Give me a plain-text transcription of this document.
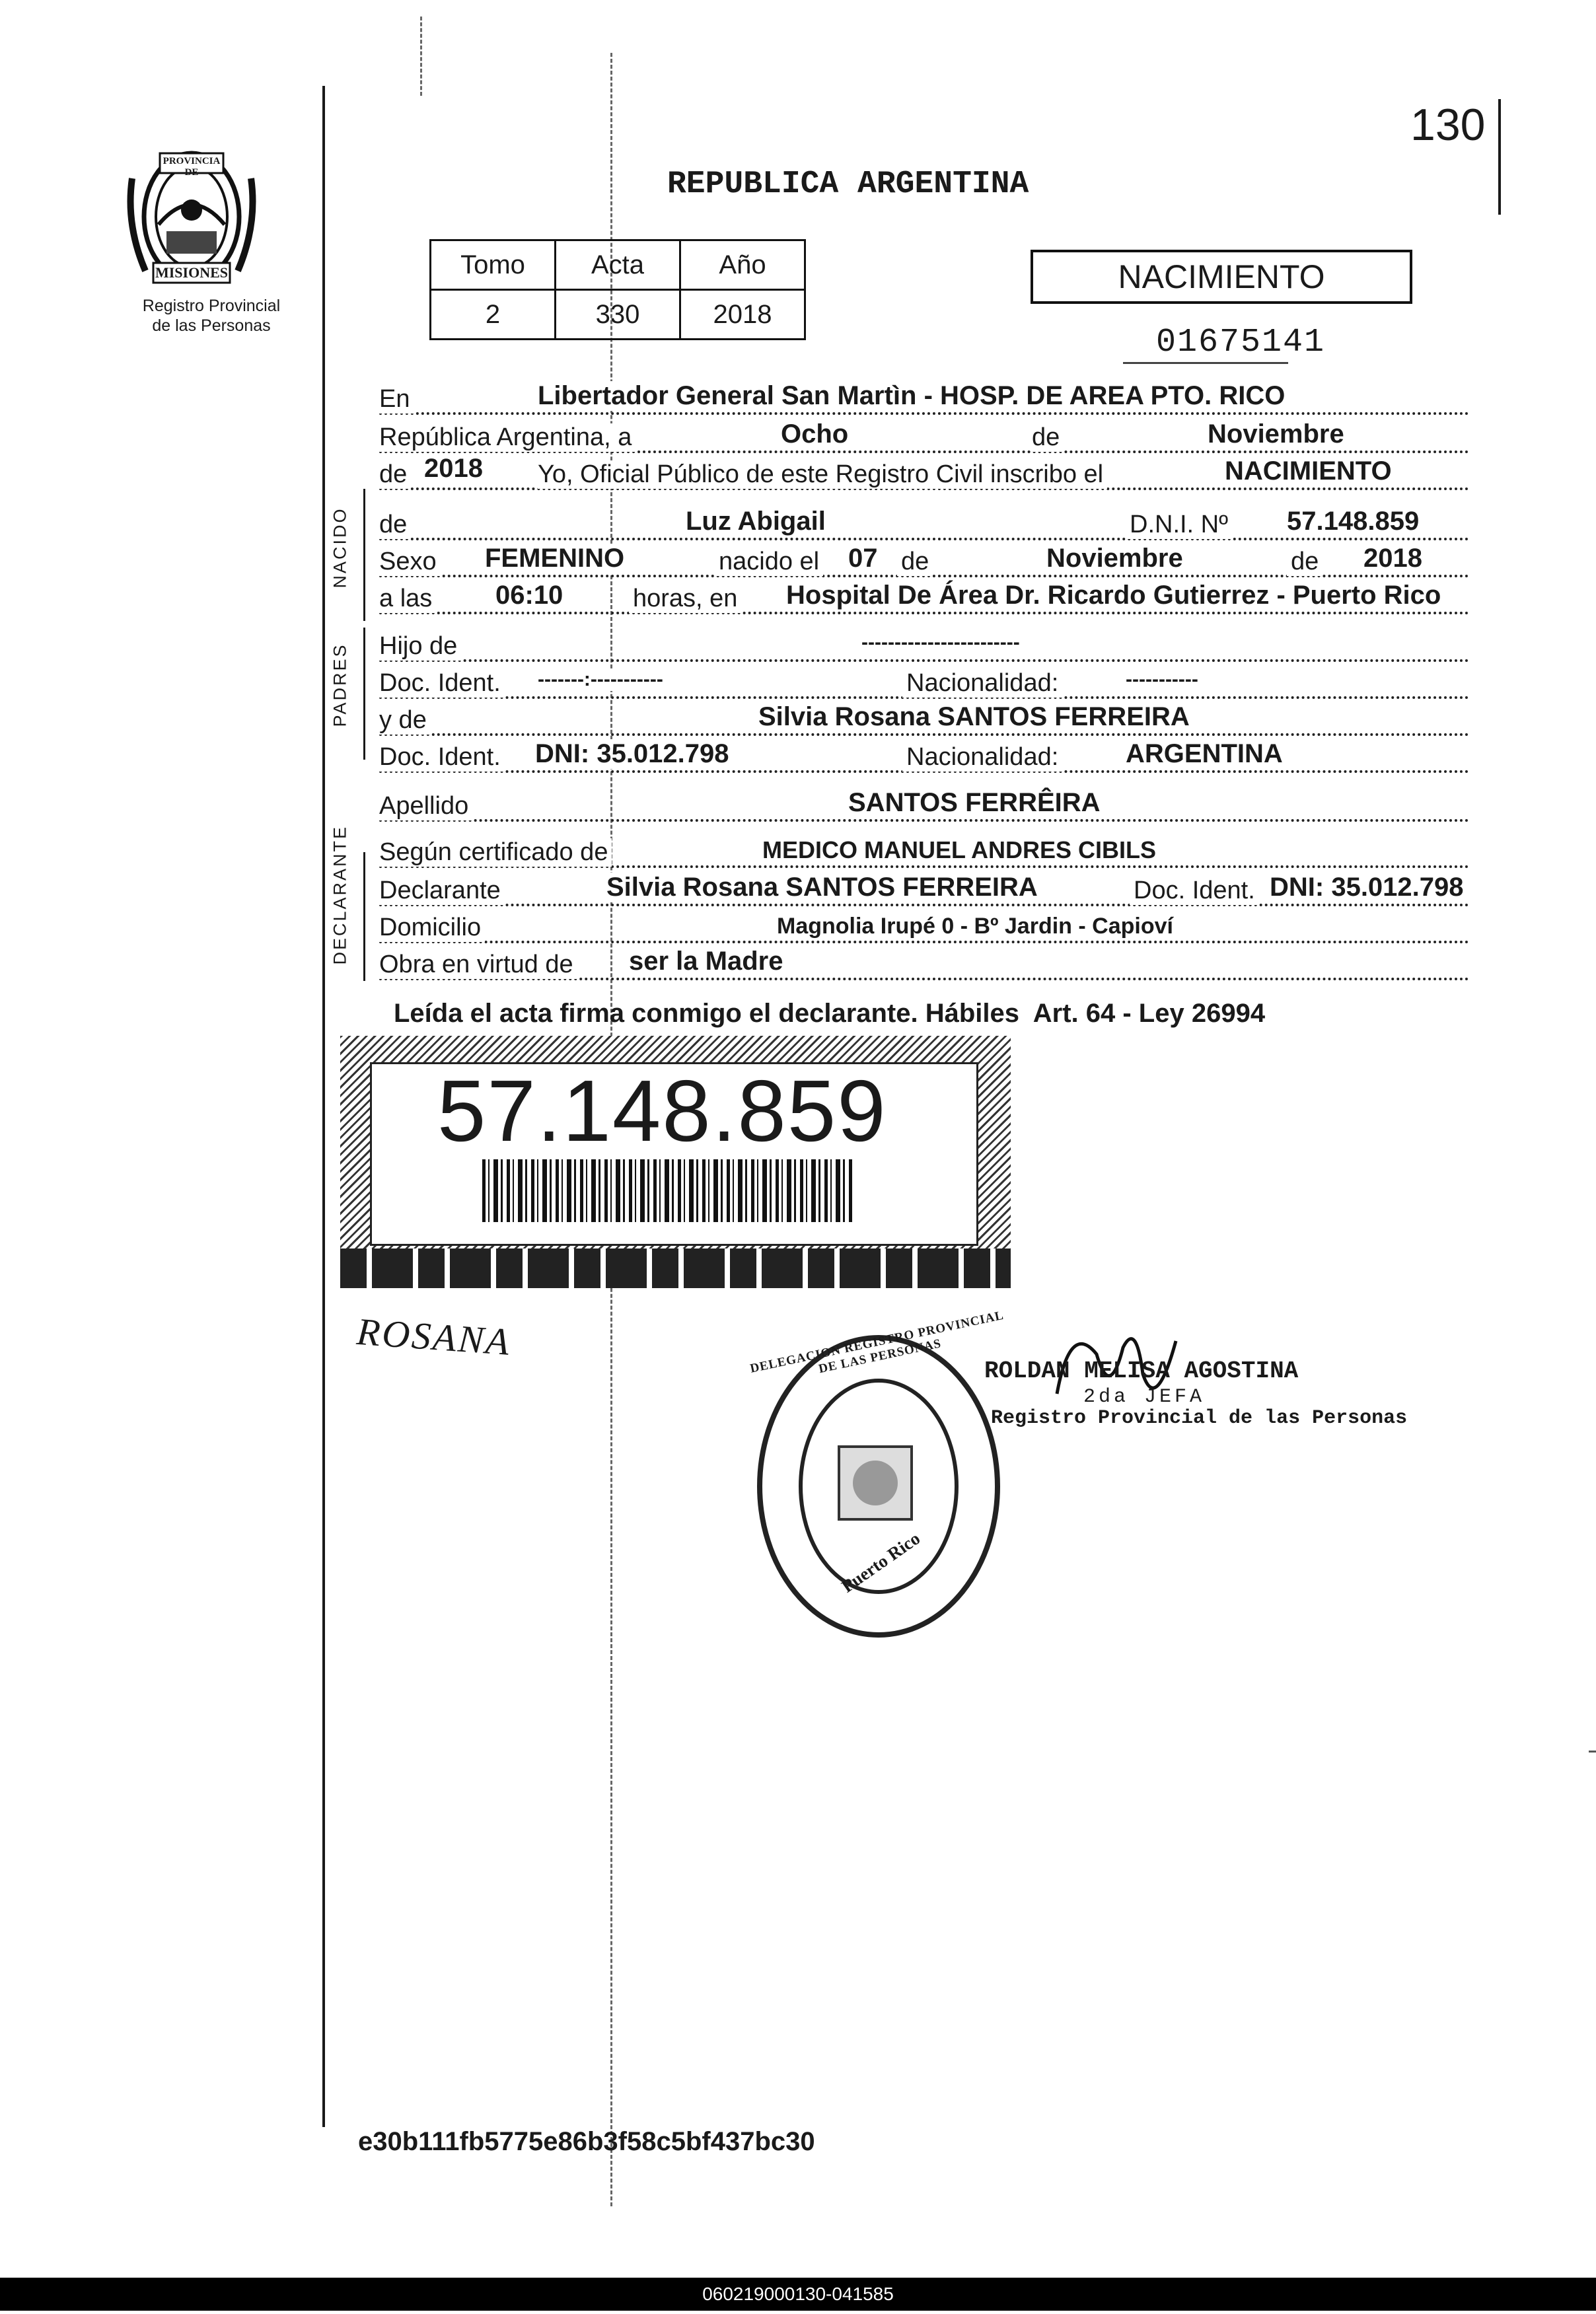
130
PROVINCIA DE
MISIONES
Registro Provincial
de las Personas
REPUBLICA ARGENTINA
Tomo	Acta	Año
2	330	2018
NACIMIENTO
01675141
NACIDO
PADRES
DECLARANTE
En	Libertador General San Martìn - HOSP. DE AREA PTO. RICO
República Argentina, a	Ocho	de	Noviembre
de 2018 Yo, Oficial Público de este Registro Civil inscribo el	NACIMIENTO
de	Luz Abigail	D.N.I. Nº 57.148.859
Sexo FEMENINO	nacido el 07 de	Noviembre	de 2018
a las 06:10	horas, en Hospital De Área Dr. Ricardo Gutierrez - Puerto Rico
Hijo de	------------------------
Doc. Ident. -------:-----------	Nacionalidad:	-----------
y de	Silvia Rosana SANTOS FERREIRA
Doc. Ident. DNI: 35.012.798	Nacionalidad:	ARGENTINA
Apellido	SANTOS FERRÊIRA
Según certificado de	MEDICO MANUEL ANDRES CIBILS
Declarante	Silvia Rosana SANTOS FERREIRA	Doc. Ident. DNI: 35.012.798
Domicilio	Magnolia Irupé 0 - Bº Jardin - Capioví
Obra en virtud de ser la Madre
Leída el acta firma conmigo el declarante. Hábiles  Art. 64 - Ley 26994
57.148.859
ROSANA	DELEGACION REGISTRO PROVINCIAL DE LAS PERSONAS
Puerto Rico
ROLDAN MELISA AGOSTINA
2da JEFA
Registro Provincial de las Personas
e30b111fb5775e86b3f58c5bf437bc30
060219000130-041585
